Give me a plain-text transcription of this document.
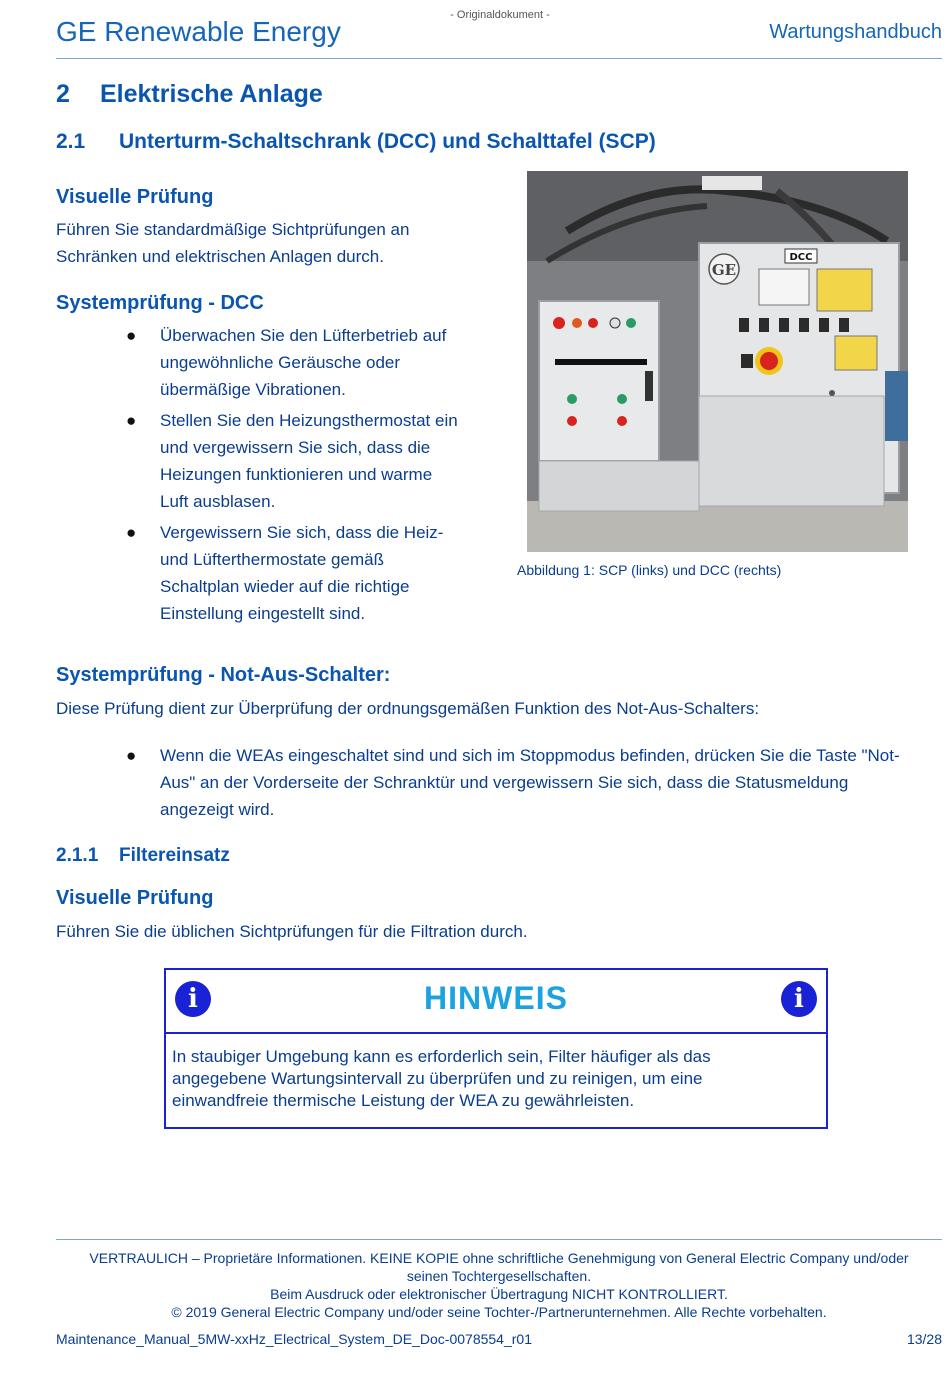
GE Renewable Energy
- Originaldokument -
Wartungshandbuch
2 Elektrische Anlage
2.1 Unterturm-Schaltschrank (DCC) und Schalttafel (SCP)
Visuelle Prüfung
Führen Sie standardmäßige Sichtprüfungen an
Schränken und elektrischen Anlagen durch.
Systemprüfung - DCC
● Überwachen Sie den Lüfterbetrieb auf
ungewöhnliche Geräusche oder
übermäßige Vibrationen.
● Stellen Sie den Heizungsthermostat ein
und vergewissern Sie sich, dass die
Heizungen funktionieren und warme
Luft ausblasen.
● Vergewissern Sie sich, dass die Heiz-
und Lüfterthermostate gemäß
Schaltplan wieder auf die richtige
Einstellung eingestellt sind.
GE
DCC
Abbildung 1: SCP (links) und DCC (rechts)
Systemprüfung - Not-Aus-Schalter:
Diese Prüfung dient zur Überprüfung der ordnungsgemäßen Funktion des Not-Aus-Schalters:
● Wenn die WEAs eingeschaltet sind und sich im Stoppmodus befinden, drücken Sie die Taste "Not-
Aus" an der Vorderseite der Schranktür und vergewissern Sie sich, dass die Statusmeldung
angezeigt wird.
2.1.1 Filtereinsatz
Visuelle Prüfung
Führen Sie die üblichen Sichtprüfungen für die Filtration durch.
i	HINWEIS	i
In staubiger Umgebung kann es erforderlich sein, Filter häufiger als das
angegebene Wartungsintervall zu überprüfen und zu reinigen, um eine
einwandfreie thermische Leistung der WEA zu gewährleisten.
VERTRAULICH – Proprietäre Informationen. KEINE KOPIE ohne schriftliche Genehmigung von General Electric Company und/oder
seinen Tochtergesellschaften.
Beim Ausdruck oder elektronischer Übertragung NICHT KONTROLLIERT.
© 2019 General Electric Company und/oder seine Tochter-/Partnerunternehmen. Alle Rechte vorbehalten.
Maintenance_Manual_5MW-xxHz_Electrical_System_DE_Doc-0078554_r01	13/28
